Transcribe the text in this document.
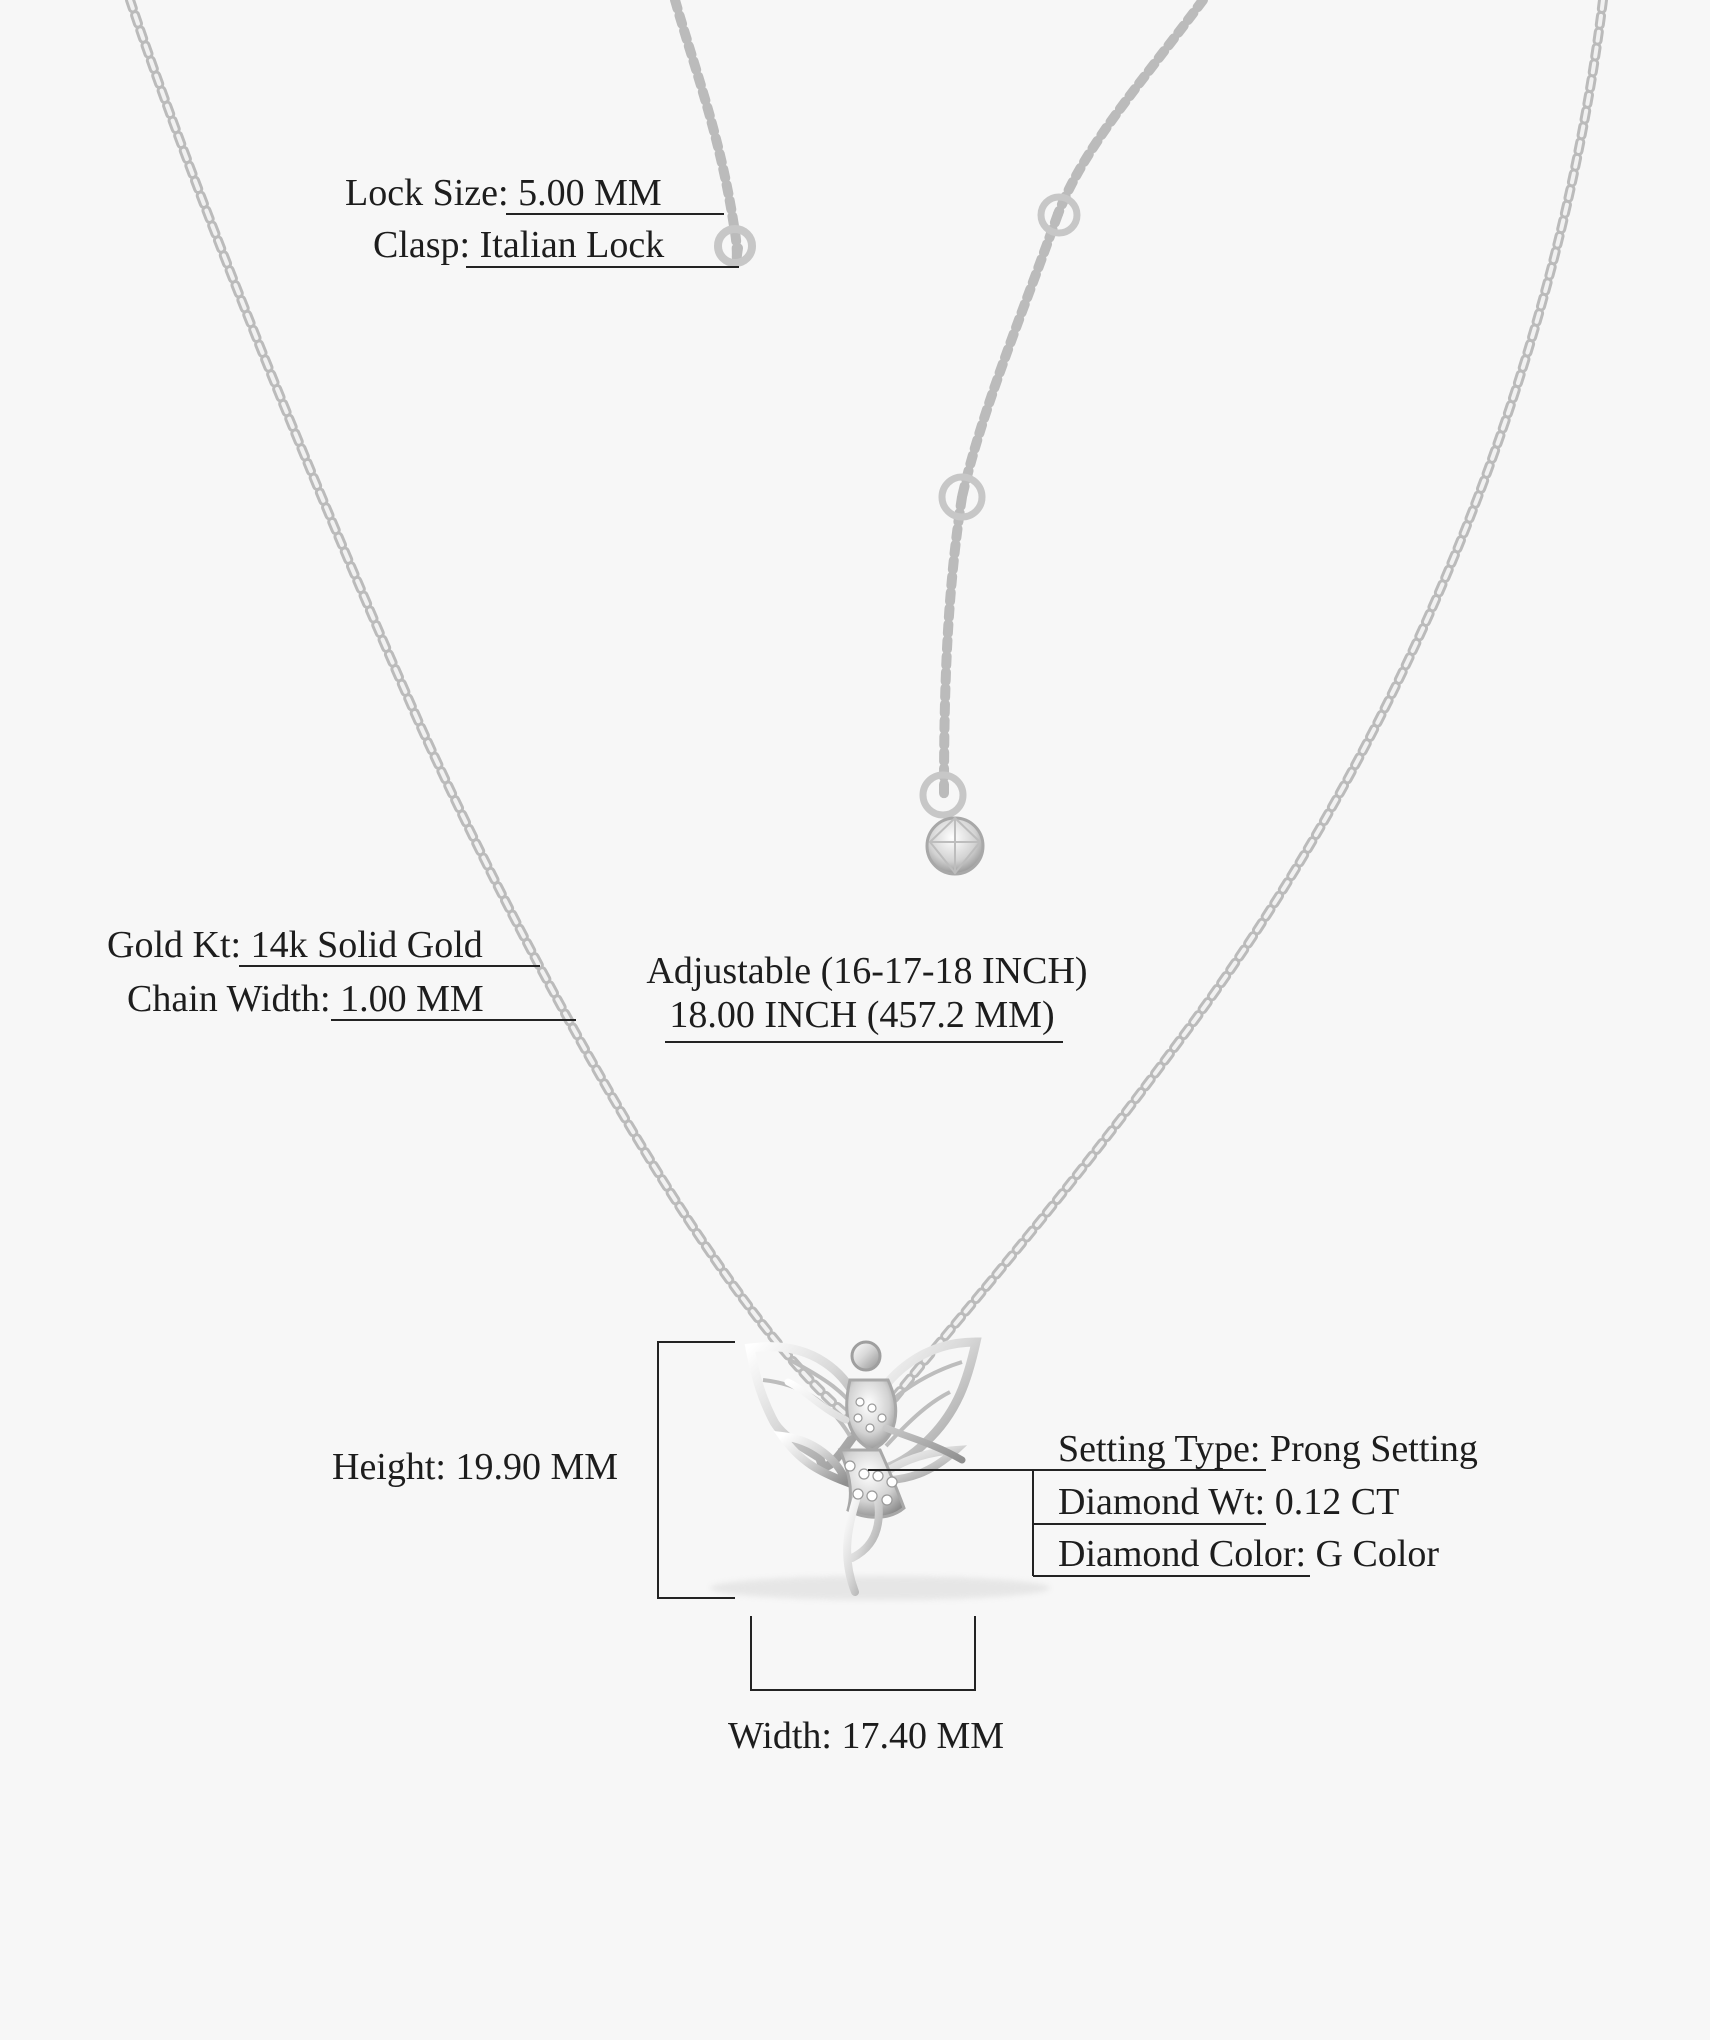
Lock Size: 5.00 MM
Clasp: Italian Lock
Gold Kt: 14k Solid Gold
Chain Width: 1.00 MM
Adjustable (16-17-18 INCH)
18.00 INCH (457.2 MM)
Height: 19.90 MM	Setting Type: Prong Setting
Diamond Wt: 0.12 CT
Diamond Color: G Color
Width: 17.40 MM
